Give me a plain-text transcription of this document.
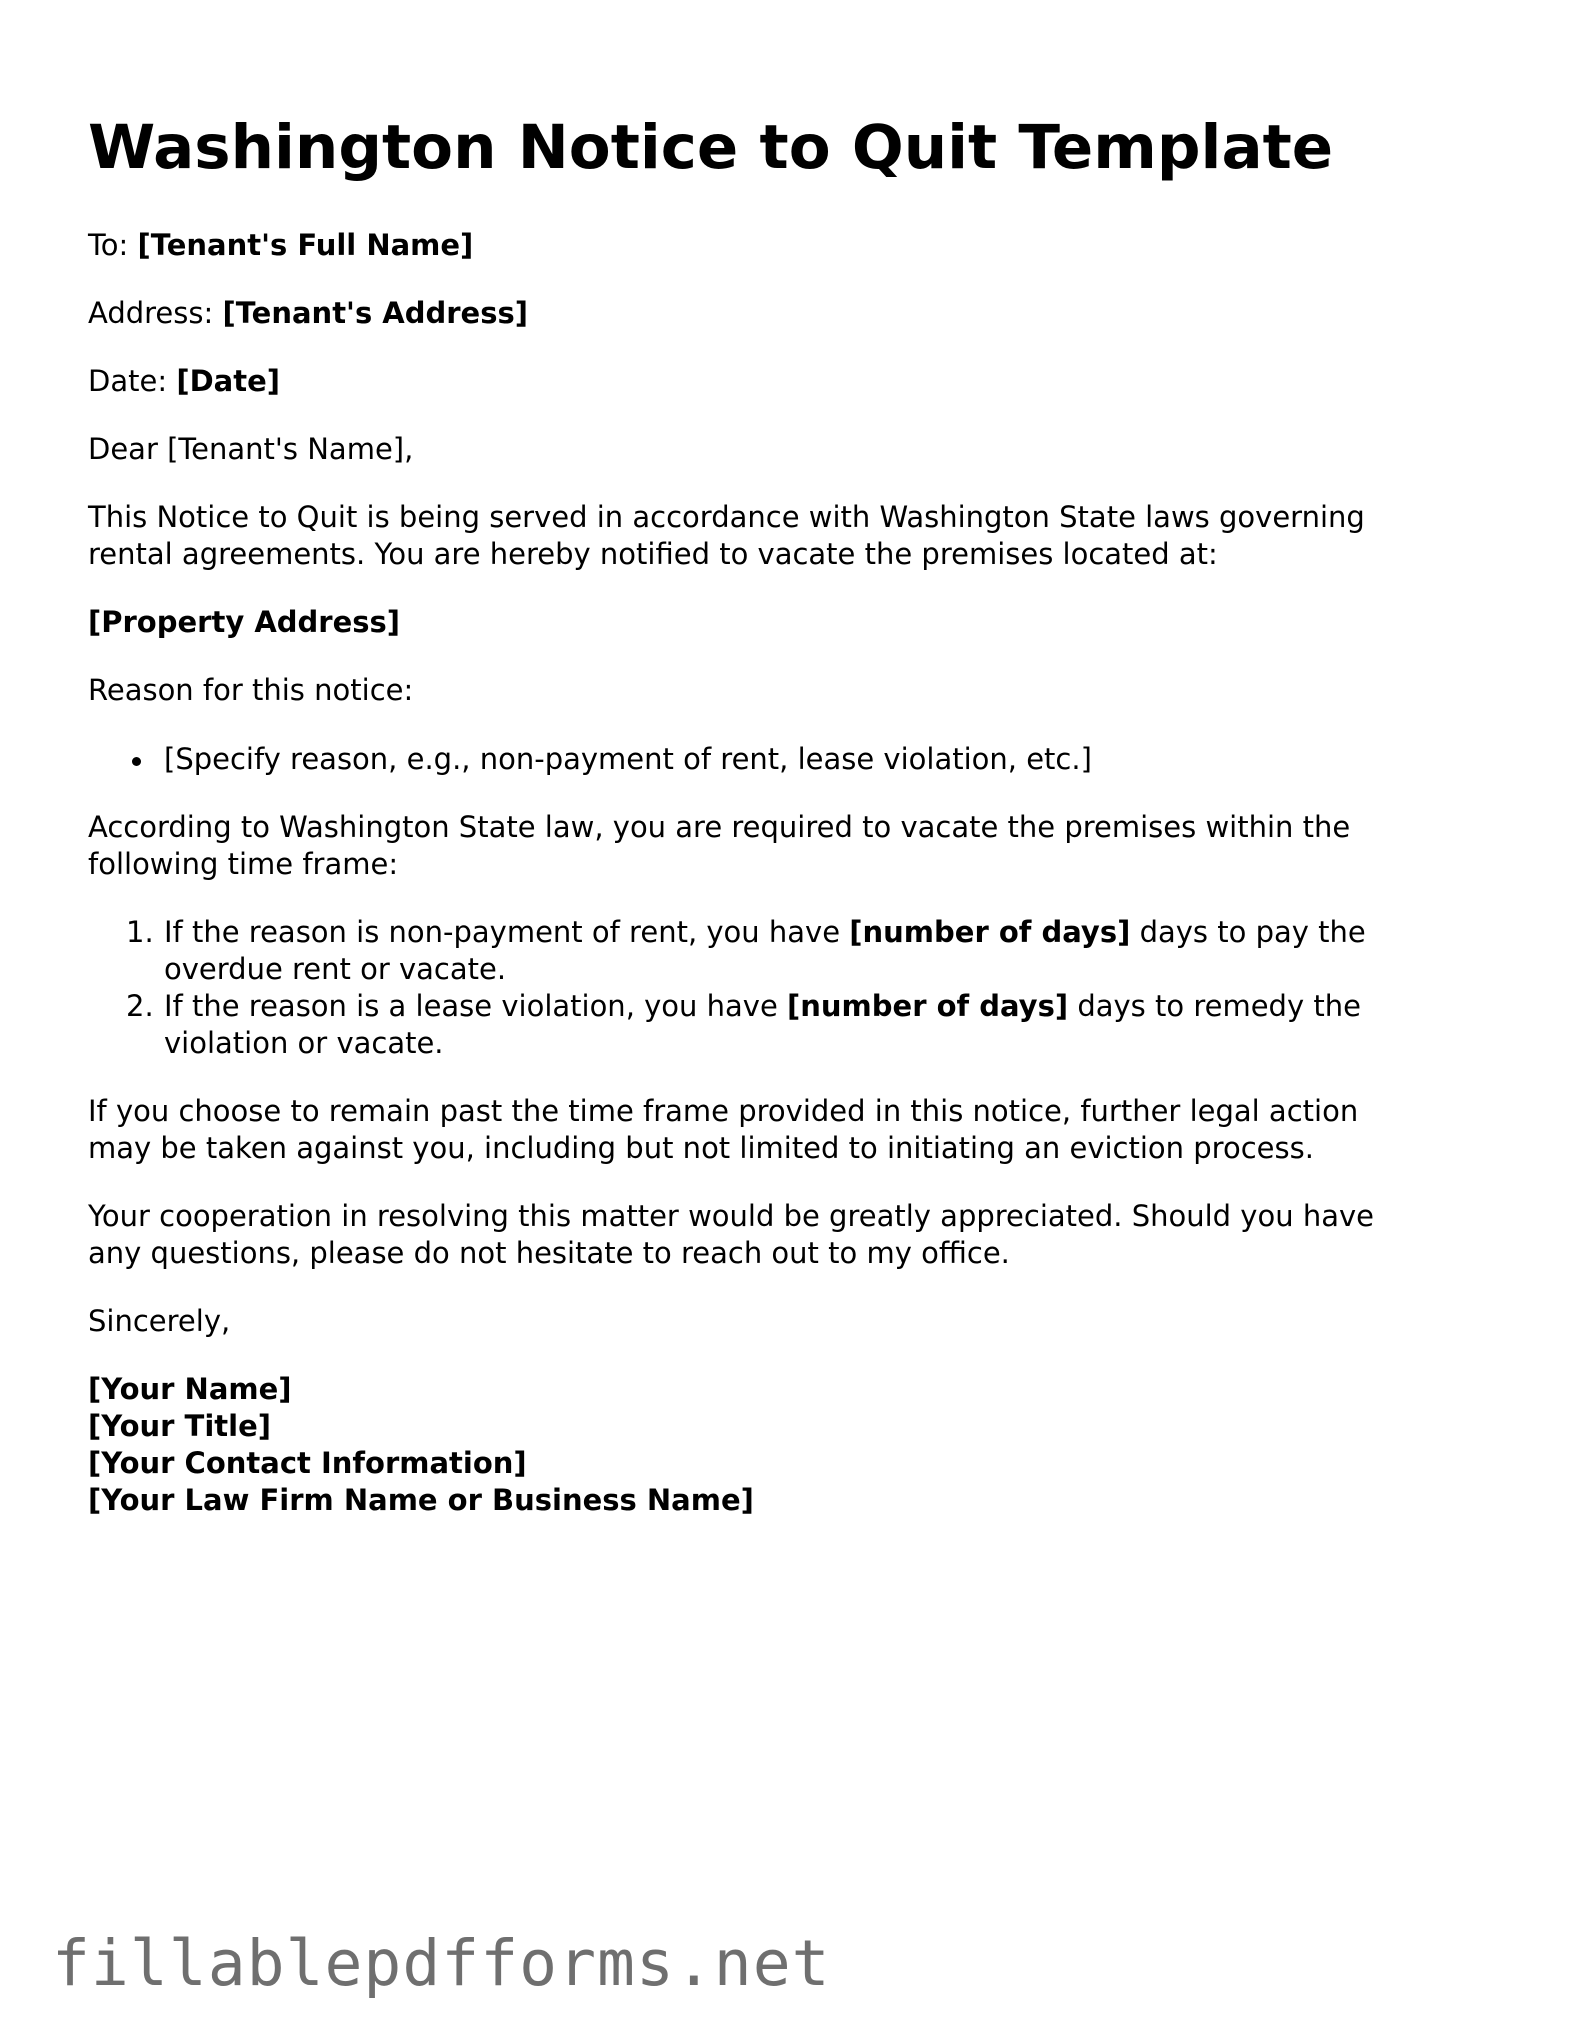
Washington Notice to Quit Template

To: [Tenant's Full Name]

Address: [Tenant's Address]

Date: [Date]

Dear [Tenant's Name],

This Notice to Quit is being served in accordance with Washington State laws governing

rental agreements. You are hereby notified to vacate the premises located at:

[Property Address]

Reason for this notice:

[Specify reason, e.g., non-payment of rent, lease violation, etc.]

According to Washington State law, you are required to vacate the premises within the

following time frame:

1. If the reason is non-payment of rent, you have [number of days] days to pay the

overdue rent or vacate.

2. If the reason is a lease violation, you have [number of days] days to remedy the

violation or vacate.

If you choose to remain past the time frame provided in this notice, further legal action

may be taken against you, including but not limited to initiating an eviction process.

Your cooperation in resolving this matter would be greatly appreciated. Should you have

any questions, please do not hesitate to reach out to my office.

Sincerely,

[Your Name]

[Your Title]

[Your Contact Information]

[Your Law Firm Name or Business Name]

fillablepdfforms.net
